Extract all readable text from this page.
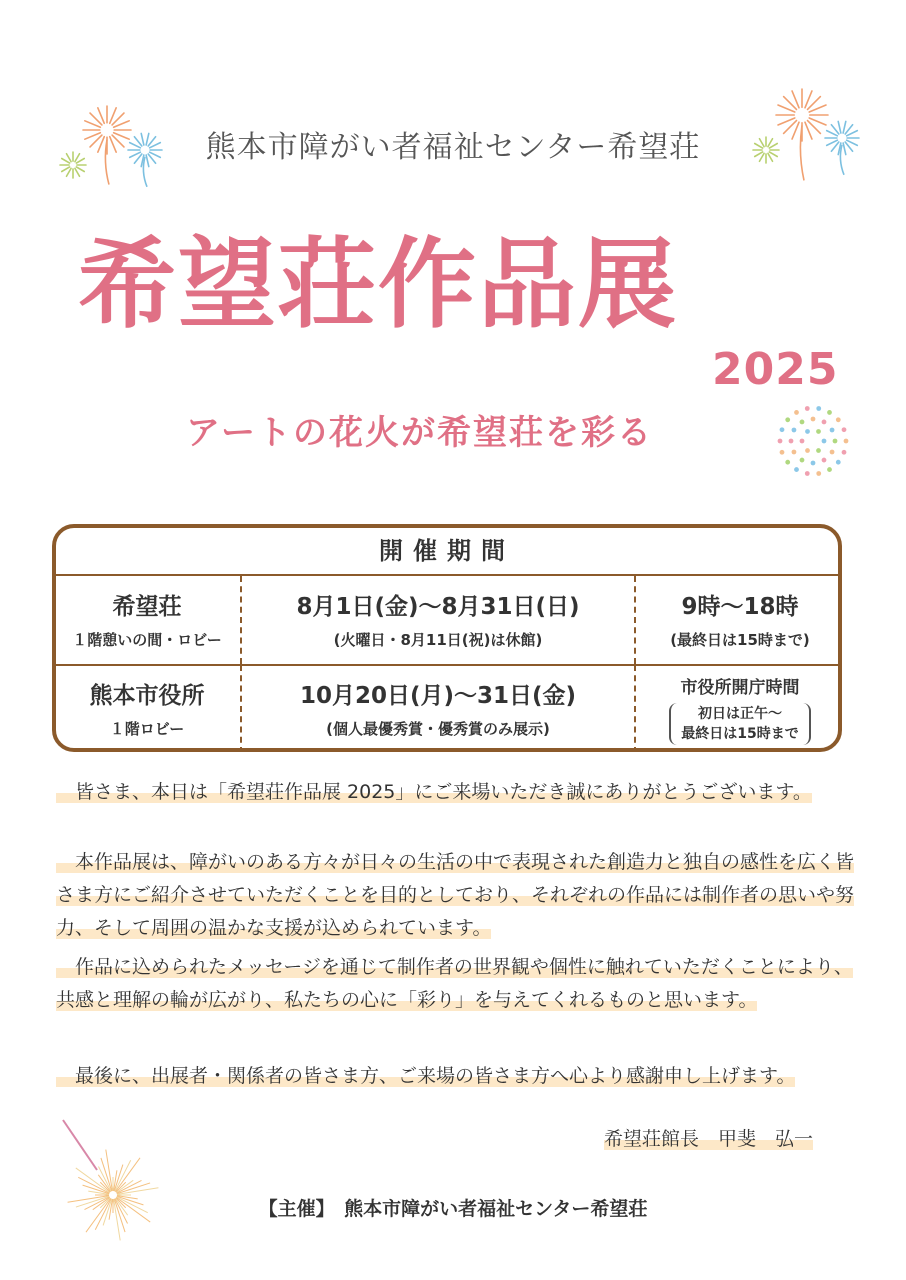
熊本市障がい者福祉センター希望荘
希望荘作品展
2025
アートの花火が希望荘を彩る
開催期間
希望荘
１階憩いの間・ロビー
8月1日(金)～8月31日(日)
(火曜日・8月11日(祝)は休館)
9時～18時
(最終日は15時まで)
熊本市役所
１階ロビー
10月20日(月)～31日(金)
(個人最優秀賞・優秀賞のみ展示)
市役所開庁時間
初日は正午～
最終日は15時まで
　皆さま、本日は「希望荘作品展 2025」にご来場いただき誠にありがとうございます。
　本作品展は、障がいのある方々が日々の生活の中で表現された創造力と独自の感性を広く皆さま方にご紹介させていただくことを目的としており、それぞれの作品には制作者の思いや努力、そして周囲の温かな支援が込められています。
　作品に込められたメッセージを通じて制作者の世界観や個性に触れていただくことにより、共感と理解の輪が広がり、私たちの心に「彩り」を与えてくれるものと思います。
　最後に、出展者・関係者の皆さま方、ご来場の皆さま方へ心より感謝申し上げます。
希望荘館長　甲斐　弘一
【主催】　熊本市障がい者福祉センター希望荘
